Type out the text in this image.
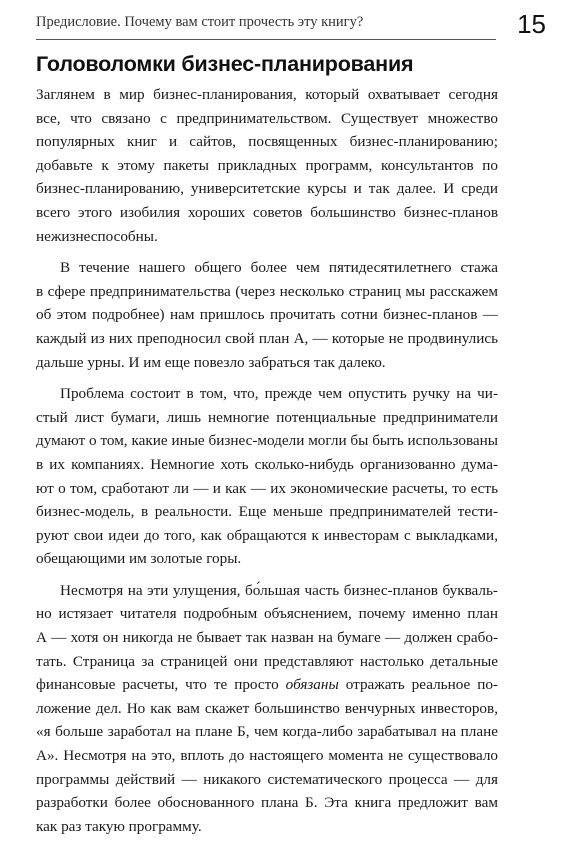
Предисловие. Почему вам стоит прочесть эту книгу?	15
Головоломки бизнес-планирования
Заглянем в мир бизнес-планирования, который охватывает сегодня
все, что связано с предпринимательством. Существует множество
популярных книг и сайтов, посвященных бизнес-планированию;
добавьте к этому пакеты прикладных программ, консультантов по
бизнес-планированию, университетские курсы и так далее. И среди
всего этого изобилия хороших советов большинство бизнес-планов
нежизнеспособны.
В течение нашего общего более чем пятидесятилетнего стажа
в сфере предпринимательства (через несколько страниц мы расскажем
об этом подробнее) нам пришлось прочитать сотни бизнес-планов —
каждый из них преподносил свой план А, — которые не продвинулись
дальше урны. И им еще повезло забраться так далеко.
Проблема состоит в том, что, прежде чем опустить ручку на чи-
стый лист бумаги, лишь немногие потенциальные предприниматели
думают о том, какие иные бизнес-модели могли бы быть использованы
в их компаниях. Немногие хоть сколько-нибудь организованно дума-
ют о том, сработают ли — и как — их экономические расчеты, то есть
бизнес-модель, в реальности. Еще меньше предпринимателей тести-
руют свои идеи до того, как обращаются к инвесторам с выкладками,
обещающими им золотые горы.
Несмотря на эти улущения, бо́льшая часть бизнес-планов букваль-
но истязает читателя подробным объяснением, почему именно план
А — хотя он никогда не бывает так назван на бумаге — должен срабо-
тать. Страница за страницей они представляют настолько детальные
финансовые расчеты, что те просто обязаны отражать реальное по-
ложение дел. Но как вам скажет большинство венчурных инвесторов,
«я больше заработал на плане Б, чем когда-либо зарабатывал на плане
А». Несмотря на это, вплоть до настоящего момента не существовало
программы действий — никакого систематического процесса — для
разработки более обоснованного плана Б. Эта книга предложит вам
как раз такую программу.
